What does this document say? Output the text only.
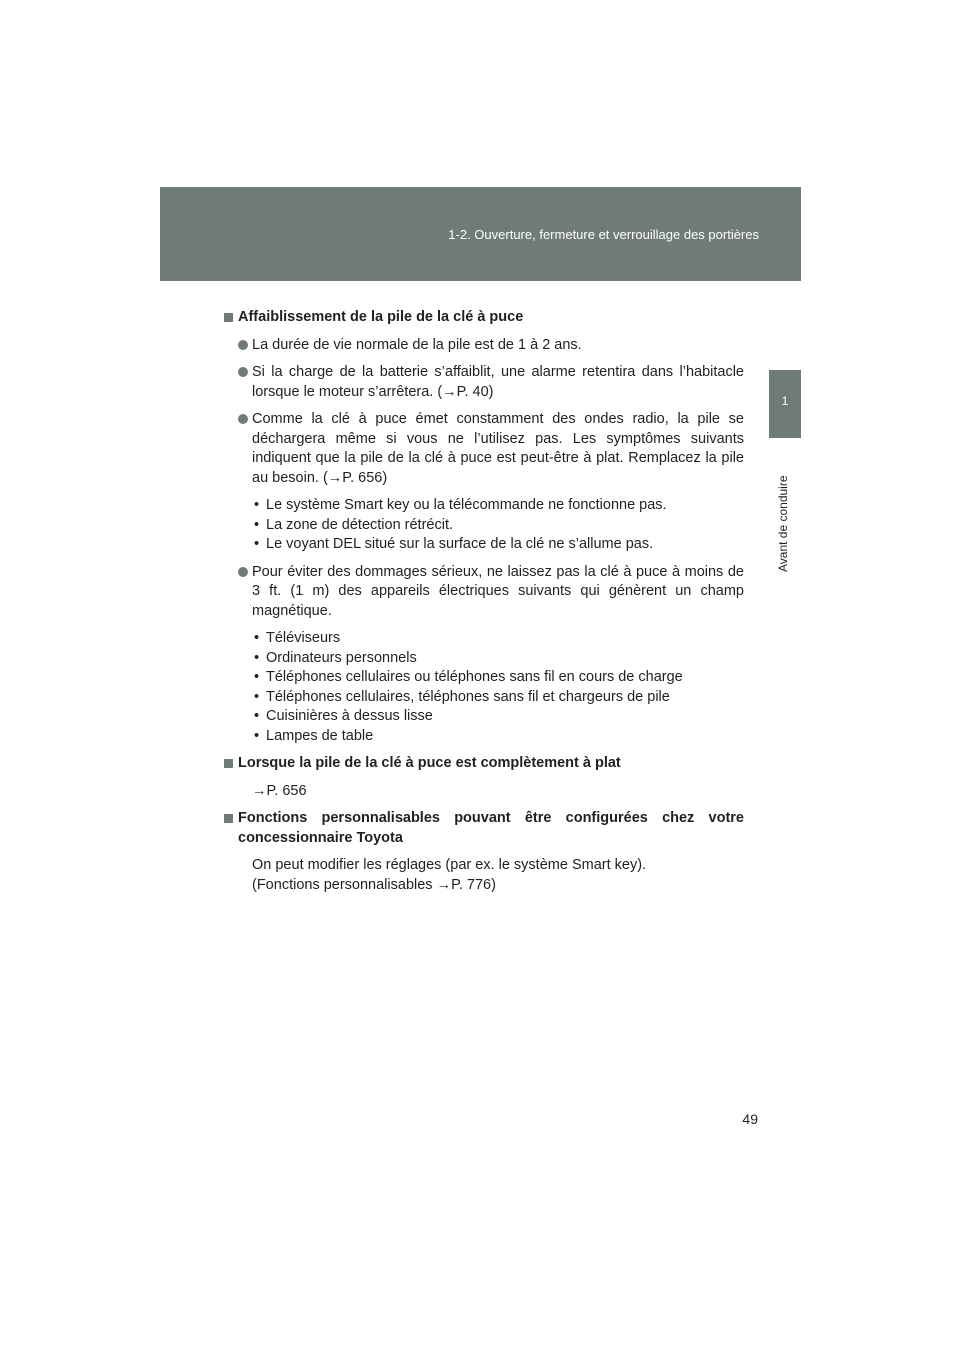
1-2. Ouverture, fermeture et verrouillage des portières
1
Avant de conduire
Affaiblissement de la pile de la clé à puce
La durée de vie normale de la pile est de 1 à 2 ans.
Si la charge de la batterie s’affaiblit, une alarme retentira dans l’habitacle lorsque le moteur s’arrêtera. (→P. 40)
Comme la clé à puce émet constamment des ondes radio, la pile se déchargera même si vous ne l’utilisez pas. Les symptômes suivants indiquent que la pile de la clé à puce est peut-être à plat. Remplacez la pile au besoin. (→P. 656)
• Le système Smart key ou la télécommande ne fonctionne pas.
• La zone de détection rétrécit.
• Le voyant DEL situé sur la surface de la clé ne s’allume pas.
Pour éviter des dommages sérieux, ne laissez pas la clé à puce à moins de 3 ft. (1 m) des appareils électriques suivants qui génèrent un champ magnétique.
• Téléviseurs
• Ordinateurs personnels
• Téléphones cellulaires ou téléphones sans fil en cours de charge
• Téléphones cellulaires, téléphones sans fil et chargeurs de pile
• Cuisinières à dessus lisse
• Lampes de table
Lorsque la pile de la clé à puce est complètement à plat
→P. 656
Fonctions personnalisables pouvant être configurées chez votre concessionnaire Toyota
On peut modifier les réglages (par ex. le système Smart key).
(Fonctions personnalisables →P. 776)
49
